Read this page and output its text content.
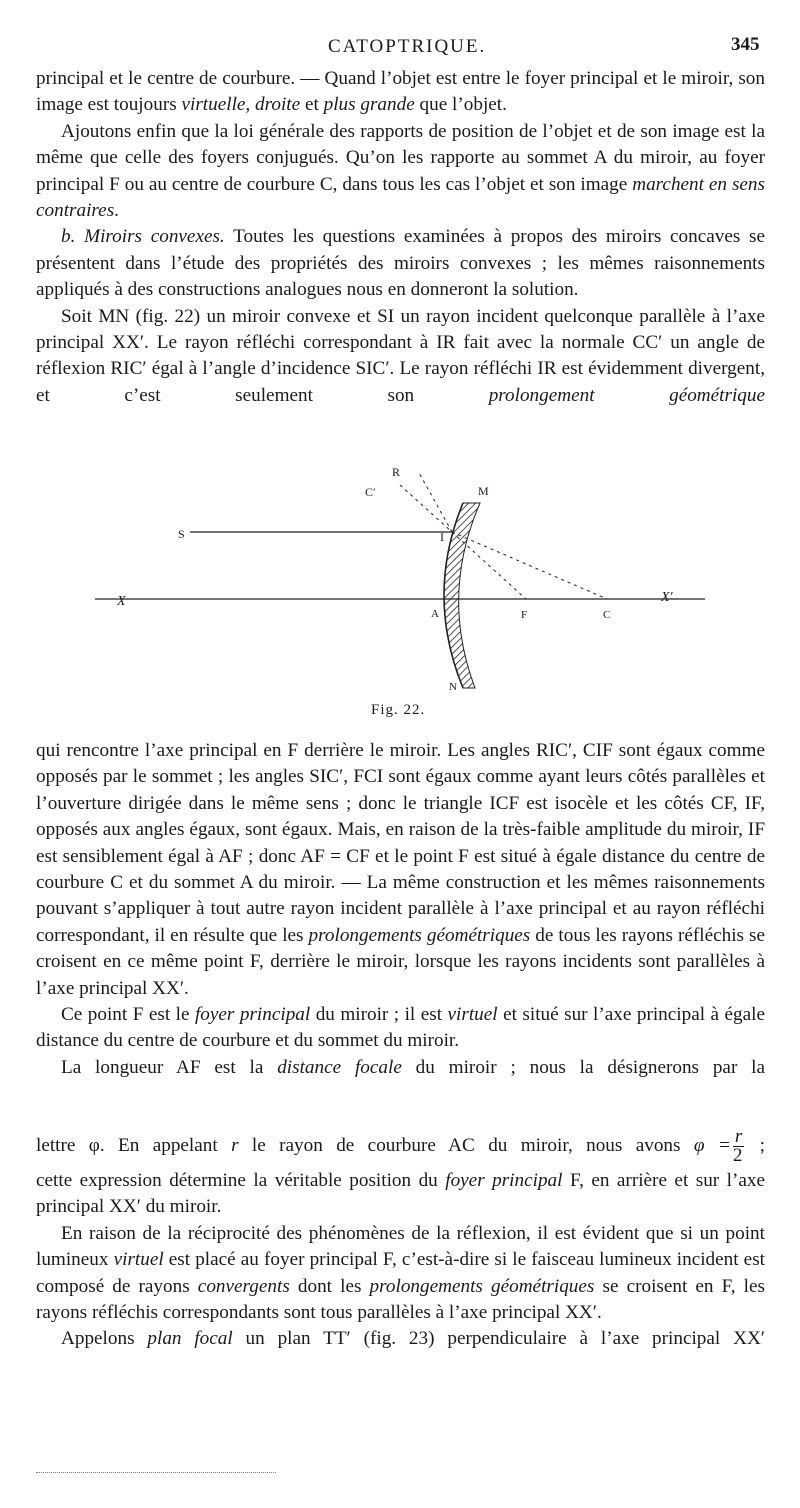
CATOPTRIQUE.	345

principal et le centre de courbure. — Quand l’objet est entre le foyer principal et le miroir, son image est toujours virtuelle, droite et plus grande que l’objet.

Ajoutons enfin que la loi générale des rapports de position de l’objet et de son image est la même que celle des foyers conjugués. Qu’on les rapporte au sommet A du miroir, au foyer principal F ou au centre de courbure C, dans tous les cas l’objet et son image marchent en sens contraires.

b. Miroirs convexes. Toutes les questions examinées à propos des miroirs concaves se présentent dans l’étude des propriétés des miroirs convexes ; les mêmes raisonnements appliqués à des constructions analogues nous en donneront la solution.

Soit MN (fig. 22) un miroir convexe et SI un rayon incident quelconque parallèle à l’axe principal XX′. Le rayon réfléchi correspondant à IR fait avec la normale CC′ un angle de réflexion RIC′ égal à l’angle d’incidence SIC′. Le rayon réfléchi IR est évidemment divergent, et c’est seulement son prolongement géométrique

R
C′	M
S	I
X	X′
A	F	C
N
Fig. 22.

qui rencontre l’axe principal en F derrière le miroir. Les angles RIC′, CIF sont égaux comme opposés par le sommet ; les angles SIC′, FCI sont égaux comme ayant leurs côtés parallèles et l’ouverture dirigée dans le même sens ; donc le triangle ICF est isocèle et les côtés CF, IF, opposés aux angles égaux, sont égaux. Mais, en raison de la très-faible amplitude du miroir, IF est sensiblement égal à AF ; donc AF = CF et le point F est situé à égale distance du centre de courbure C et du sommet A du miroir. — La même construction et les mêmes raisonnements pouvant s’appliquer à tout autre rayon incident parallèle à l’axe principal et au rayon réfléchi correspondant, il en résulte que les prolongements géométriques de tous les rayons réfléchis se croisent en ce même point F, derrière le miroir, lorsque les rayons incidents sont parallèles à l’axe principal XX′.

Ce point F est le foyer principal du miroir ; il est virtuel et situé sur l’axe principal à égale distance du centre de courbure et du sommet du miroir.

La longueur AF est la distance focale du miroir ; nous la désignerons par la

lettre φ. En appelant r le rayon de courbure AC du miroir, nous avons $\varphi = \frac{r}{2}$ ;

cette expression détermine la véritable position du foyer principal F, en arrière et sur l’axe principal XX′ du miroir.

En raison de la réciprocité des phénomènes de la réflexion, il est évident que si un point lumineux virtuel est placé au foyer principal F, c’est-à-dire si le faisceau lumineux incident est composé de rayons convergents dont les prolongements géométriques se croisent en F, les rayons réfléchis correspondants sont tous parallèles à l’axe principal XX′.

Appelons plan focal un plan TT′ (fig. 23) perpendiculaire à l’axe principal XX′
